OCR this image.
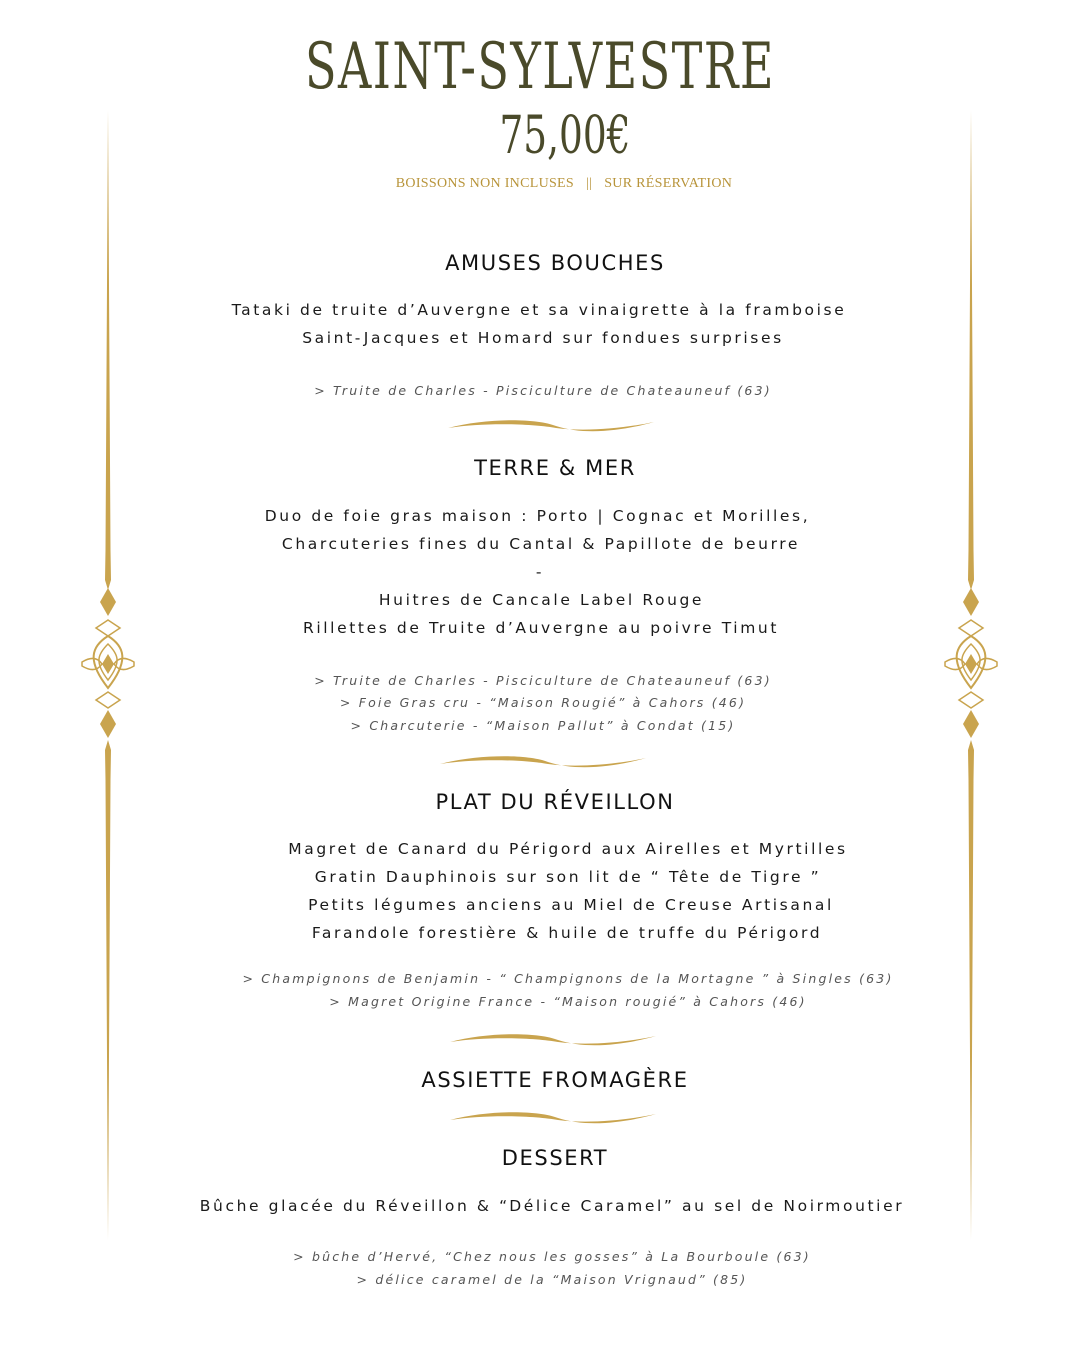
SAINT-SYLVESTRE
75,00€
BOISSONS NON INCLUSES || SUR RÉSERVATION
AMUSES BOUCHES
Tataki de truite d’Auvergne et sa vinaigrette à la framboise
Saint-Jacques et Homard sur fondues surprises
> Truite de Charles - Pisciculture de Chateauneuf (63)
TERRE & MER
Duo de foie gras maison : Porto | Cognac et Morilles,
Charcuteries fines du Cantal & Papillote de beurre
-
Huitres de Cancale Label Rouge
Rillettes de Truite d’Auvergne au poivre Timut
> Truite de Charles - Pisciculture de Chateauneuf (63)
> Foie Gras cru - “Maison Rougié” à Cahors (46)
> Charcuterie - “Maison Pallut” à Condat (15)
PLAT DU RÉVEILLON
Magret de Canard du Périgord aux Airelles et Myrtilles
Gratin Dauphinois sur son lit de “ Tête de Tigre ”
Petits légumes anciens au Miel de Creuse Artisanal
Farandole forestière & huile de truffe du Périgord
> Champignons de Benjamin - “ Champignons de la Mortagne ” à Singles (63)
> Magret Origine France - “Maison rougié” à Cahors (46)
ASSIETTE FROMAGÈRE
DESSERT
Bûche glacée du Réveillon & “Délice Caramel” au sel de Noirmoutier
> bûche d’Hervé, “Chez nous les gosses” à La Bourboule (63)
> délice caramel de la “Maison Vrignaud” (85)
